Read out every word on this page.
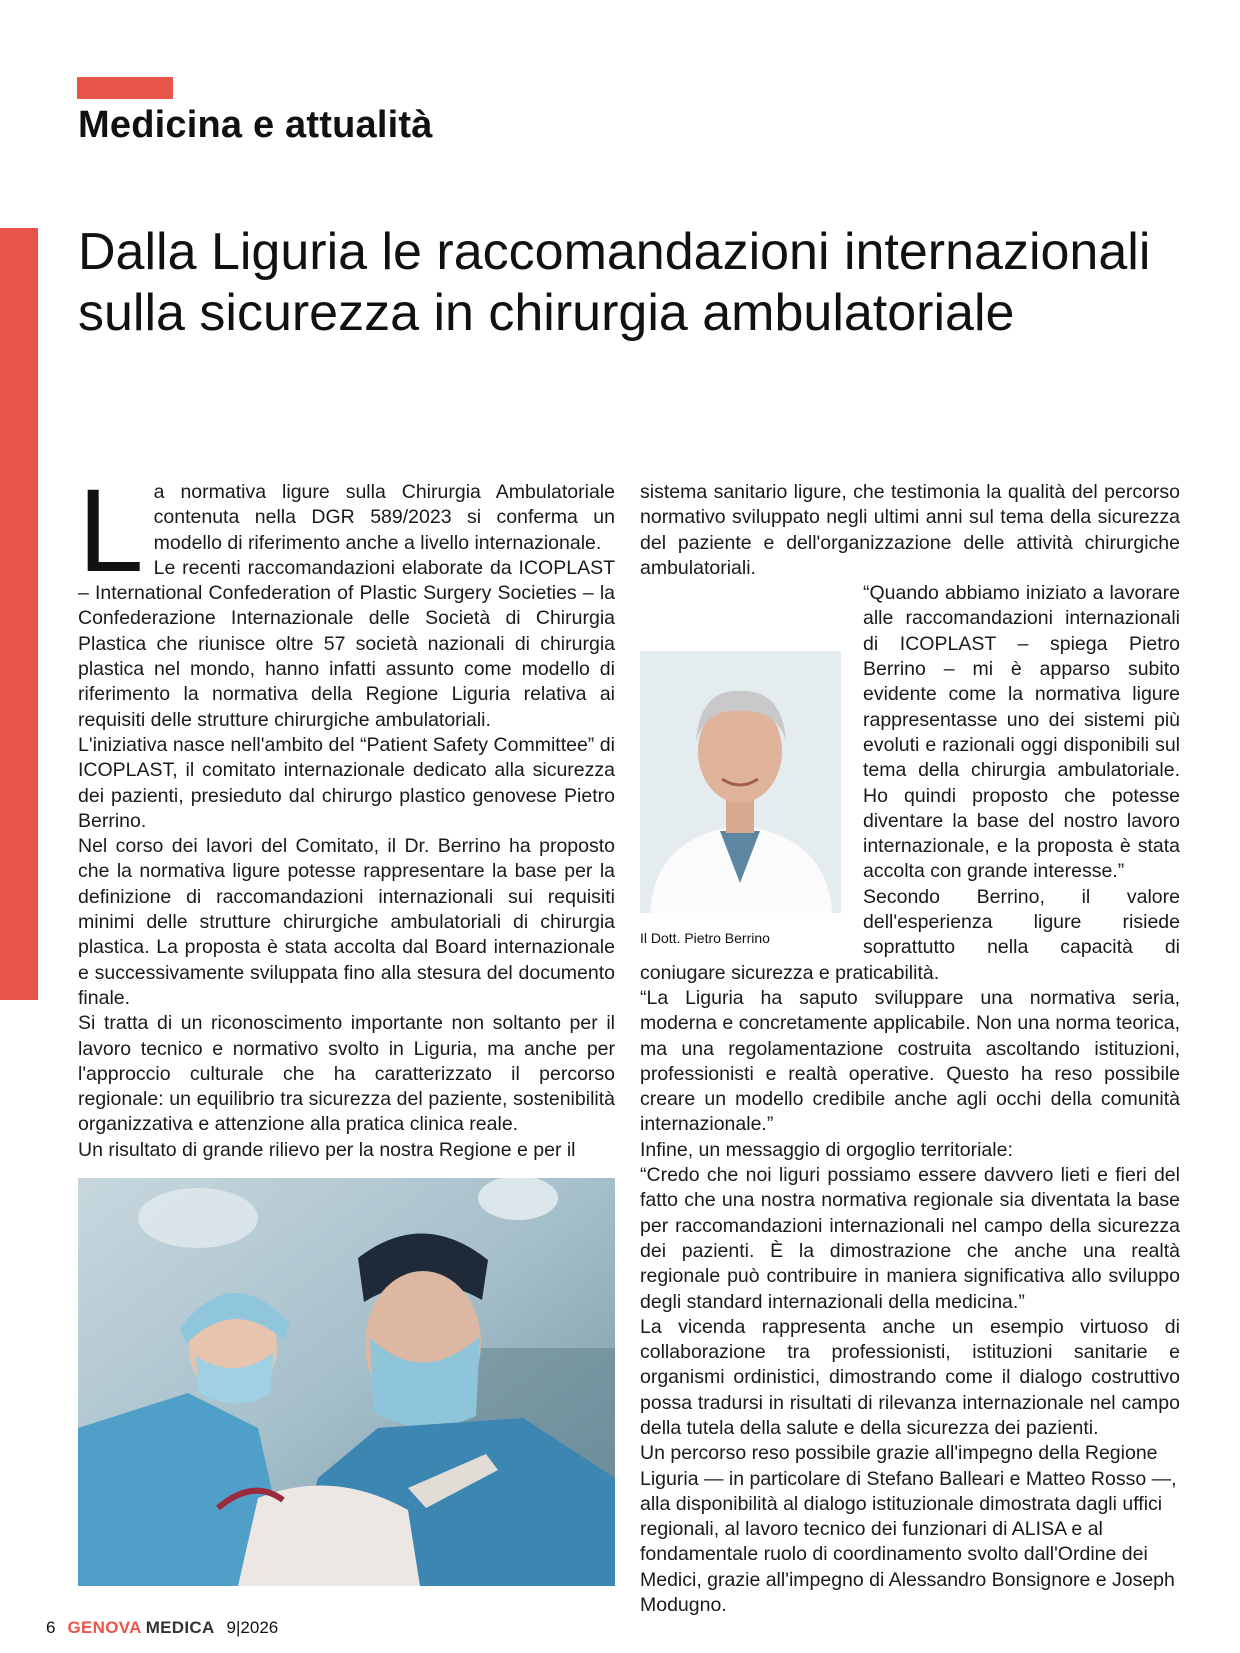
Medicina e attualità
Dalla Liguria le raccomandazioni internazionali sulla sicurezza in chirurgia ambulatoriale

La normativa ligure sulla Chirurgia Ambulatoriale contenuta nella DGR 589/2023 si conferma un modello di riferimento anche a livello internazionale.

Le recenti raccomandazioni elaborate da ICOPLAST – International Confederation of Plastic Surgery Societies – la Confederazione Internazionale delle Società di Chirurgia Plastica che riunisce oltre 57 società nazionali di chirurgia plastica nel mondo, hanno infatti assunto come modello di riferimento la normativa della Regione Liguria relativa ai requisiti delle strutture chirurgiche ambulatoriali.

L'iniziativa nasce nell'ambito del “Patient Safety Committee” di ICOPLAST, il comitato internazionale dedicato alla sicurezza dei pazienti, presieduto dal chirurgo plastico genovese Pietro Berrino.

Nel corso dei lavori del Comitato, il Dr. Berrino ha proposto che la normativa ligure potesse rappresentare la base per la definizione di raccomandazioni internazionali sui requisiti minimi delle strutture chirurgiche ambulatoriali di chirurgia plastica. La proposta è stata accolta dal Board internazionale e successivamente sviluppata fino alla stesura del documento finale.

Si tratta di un riconoscimento importante non soltanto per il lavoro tecnico e normativo svolto in Liguria, ma anche per l'approccio culturale che ha caratterizzato il percorso regionale: un equilibrio tra sicurezza del paziente, sostenibilità organizzativa e attenzione alla pratica clinica reale.

Un risultato di grande rilievo per la nostra Regione e per il

sistema sanitario ligure, che testimonia la qualità del percorso normativo sviluppato negli ultimi anni sul tema della sicurezza del paziente e dell'organizzazione delle attività chirurgiche ambulatoriali.

Il Dott. Pietro Berrino

“Quando abbiamo iniziato a lavorare alle raccomandazioni internazionali di ICOPLAST – spiega Pietro Berrino – mi è apparso subito evidente come la normativa ligure rappresentasse uno dei sistemi più evoluti e razionali oggi disponibili sul tema della chirurgia ambulatoriale. Ho quindi proposto che potesse diventare la base del nostro lavoro internazionale, e la proposta è stata accolta con grande interesse.”

Secondo Berrino, il valore dell'esperienza ligure risiede soprattutto nella capacità di coniugare sicurezza e praticabilità.

“La Liguria ha saputo sviluppare una normativa seria, moderna e concretamente applicabile. Non una norma teorica, ma una regolamentazione costruita ascoltando istituzioni, professionisti e realtà operative. Questo ha reso possibile creare un modello credibile anche agli occhi della comunità internazionale.”

Infine, un messaggio di orgoglio territoriale:

“Credo che noi liguri possiamo essere davvero lieti e fieri del fatto che una nostra normativa regionale sia diventata la base per raccomandazioni internazionali nel campo della sicurezza dei pazienti. È la dimostrazione che anche una realtà regionale può contribuire in maniera significativa allo sviluppo degli standard internazionali della medicina.”

La vicenda rappresenta anche un esempio virtuoso di collaborazione tra professionisti, istituzioni sanitarie e organismi ordinistici, dimostrando come il dialogo costruttivo possa tradursi in risultati di rilevanza internazionale nel campo della tutela della salute e della sicurezza dei pazienti.

Un percorso reso possibile grazie all'impegno della Regione Liguria — in particolare di Stefano Balleari e Matteo Rosso —, alla disponibilità al dialogo istituzionale dimostrata dagli uffici regionali, al lavoro tecnico dei funzionari di ALISA e al fondamentale ruolo di coordinamento svolto dall'Ordine dei Medici, grazie all'impegno di Alessandro Bonsignore e Joseph Modugno.

6 GENOVA MEDICA 9|2026
